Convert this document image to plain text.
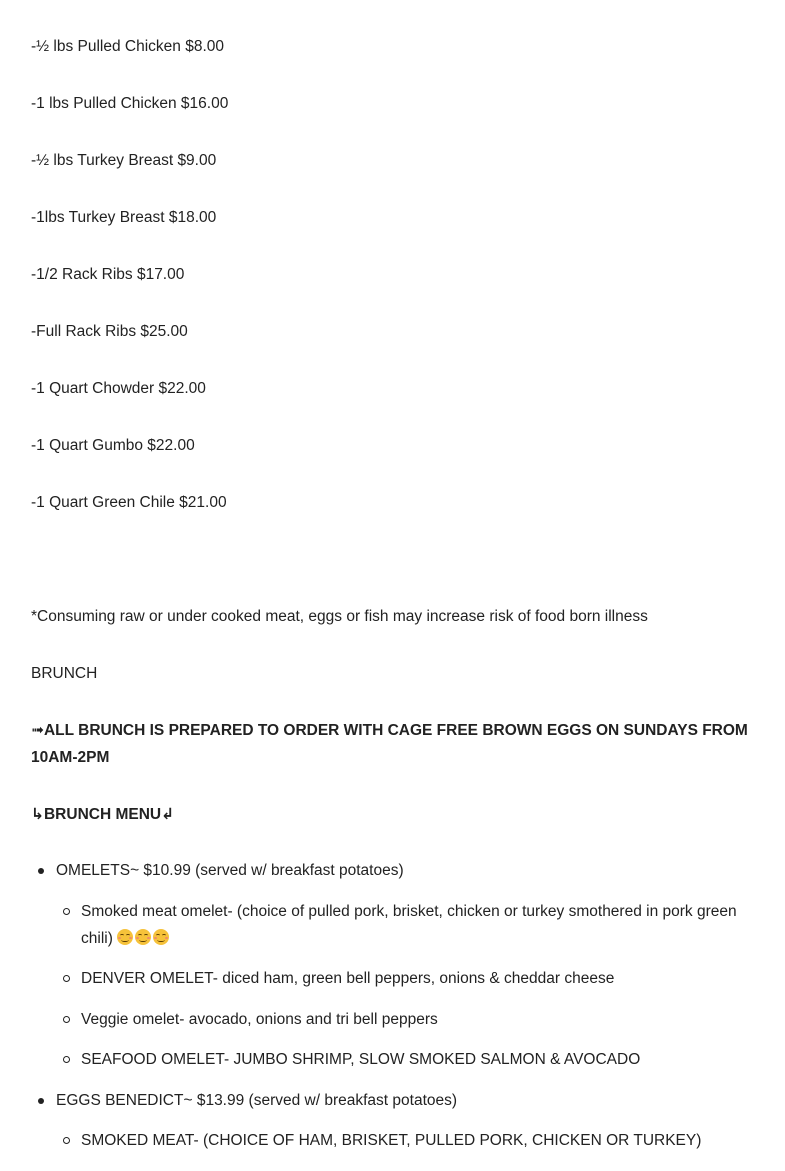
-½ lbs Pulled Chicken $8.00
-1 lbs Pulled Chicken $16.00
-½ lbs Turkey Breast $9.00
-1lbs Turkey Breast $18.00
-1/2 Rack Ribs $17.00
-Full Rack Ribs $25.00
-1 Quart Chowder $22.00
-1 Quart Gumbo $22.00
-1 Quart Green Chile $21.00
*Consuming raw or under cooked meat, eggs or fish may increase risk of food born illness
BRUNCH
➟ALL BRUNCH IS PREPARED TO ORDER WITH CAGE FREE BROWN EGGS ON SUNDAYS FROM 10AM-2PM
↳BRUNCH MENU↲
OMELETS~ $10.99 (served w/ breakfast potatoes)
Smoked meat omelet- (choice of pulled pork, brisket, chicken or turkey smothered in pork green chili)
DENVER OMELET- diced ham, green bell peppers, onions & cheddar cheese
Veggie omelet- avocado, onions and tri bell peppers
SEAFOOD OMELET- JUMBO SHRIMP, SLOW SMOKED SALMON & AVOCADO
EGGS BENEDICT~ $13.99 (served w/ breakfast potatoes)
SMOKED MEAT- (CHOICE OF HAM, BRISKET, PULLED PORK, CHICKEN OR TURKEY)
